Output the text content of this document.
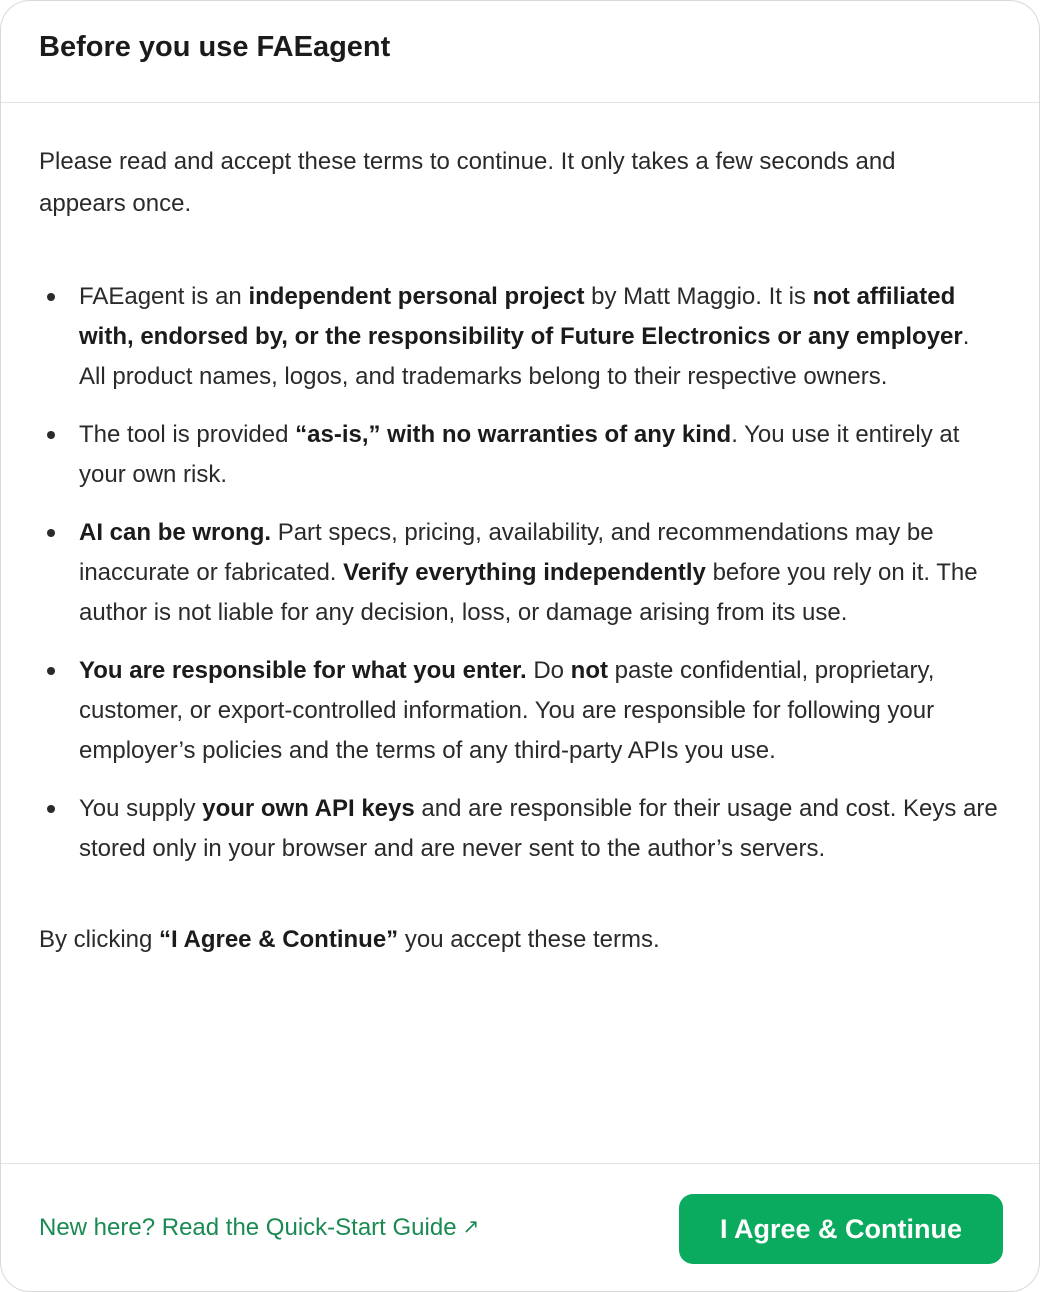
Before you use FAEagent

Please read and accept these terms to continue. It only takes a few seconds and appears once.

FAEagent is an independent personal project by Matt Maggio. It is not affiliated with, endorsed by, or the responsibility of Future Electronics or any employer. All product names, logos, and trademarks belong to their respective owners.
The tool is provided “as-is,” with no warranties of any kind. You use it entirely at your own risk.
AI can be wrong. Part specs, pricing, availability, and recommendations may be inaccurate or fabricated. Verify everything independently before you rely on it. The author is not liable for any decision, loss, or damage arising from its use.
You are responsible for what you enter. Do not paste confidential, proprietary, customer, or export-controlled information. You are responsible for following your employer’s policies and the terms of any third-party APIs you use.
You supply your own API keys and are responsible for their usage and cost. Keys are stored only in your browser and are never sent to the author’s servers.

By clicking “I Agree & Continue” you accept these terms.

New here? Read the Quick-Start Guide ↗	I Agree & Continue
